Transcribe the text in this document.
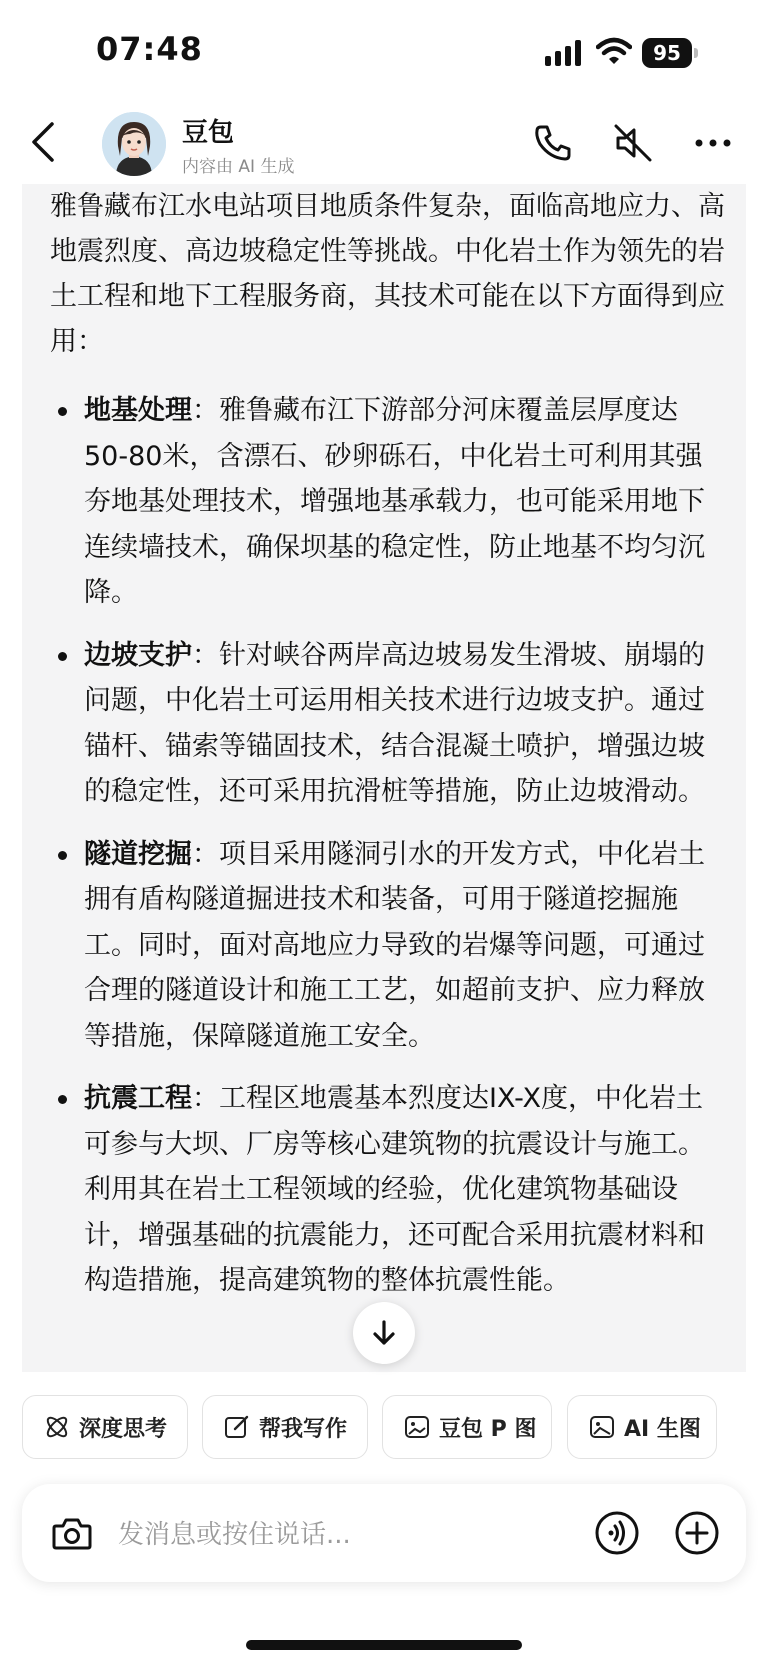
07:48	95
豆包
内容由 AI 生成

雅鲁藏布江水电站项目地质条件复杂，面临高地应力、高地震烈度、高边坡稳定性等挑战。中化岩土作为领先的岩土工程和地下工程服务商，其技术可能在以下方面得到应用：

地基处理：雅鲁藏布江下游部分河床覆盖层厚度达50-80米，含漂石、砂卵砾石，中化岩土可利用其强夯地基处理技术，增强地基承载力，也可能采用地下连续墙技术，确保坝基的稳定性，防止地基不均匀沉降。
边坡支护：针对峡谷两岸高边坡易发生滑坡、崩塌的问题，中化岩土可运用相关技术进行边坡支护。通过锚杆、锚索等锚固技术，结合混凝土喷护，增强边坡的稳定性，还可采用抗滑桩等措施，防止边坡滑动。
隧道挖掘：项目采用隧洞引水的开发方式，中化岩土拥有盾构隧道掘进技术和装备，可用于隧道挖掘施工。同时，面对高地应力导致的岩爆等问题，可通过合理的隧道设计和施工工艺，如超前支护、应力释放等措施，保障隧道施工安全。
抗震工程：工程区地震基本烈度达IX-X度，中化岩土可参与大坝、厂房等核心建筑物的抗震设计与施工。利用其在岩土工程领域的经验，优化建筑物基础设计，增强基础的抗震能力，还可配合采用抗震材料和构造措施，提高建筑物的整体抗震性能。
深度思考	帮我写作	豆包 P 图	AI 生图
发消息或按住说话...
